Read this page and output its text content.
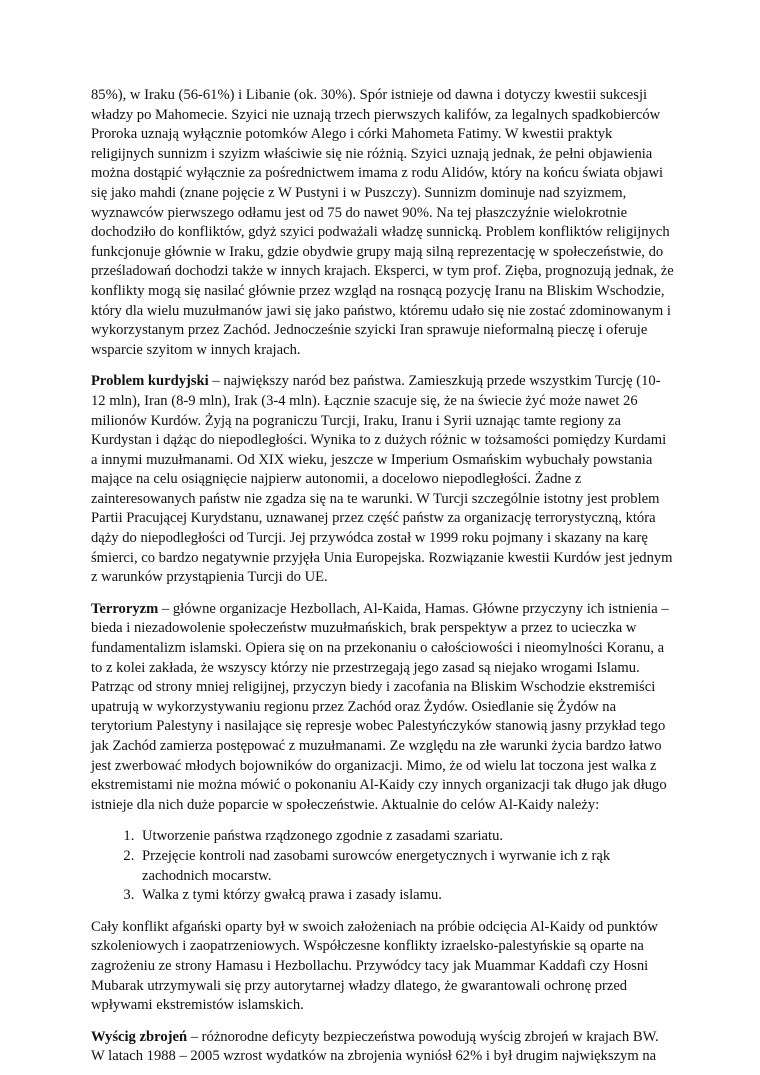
85%), w Iraku (56-61%) i Libanie (ok. 30%). Spór istnieje od dawna i dotyczy kwestii sukcesji władzy po Mahomecie. Szyici nie uznają trzech pierwszych kalifów, za legalnych spadkobierców Proroka uznają wyłącznie potomków Alego i córki Mahometa Fatimy. W kwestii praktyk religijnych sunnizm i szyizm właściwie się nie różnią. Szyici uznają jednak, że pełni objawienia można dostąpić wyłącznie za pośrednictwem imama z rodu Alidów, który na końcu świata objawi się jako mahdi (znane pojęcie z W Pustyni i w Puszczy). Sunnizm dominuje nad szyizmem, wyznawców pierwszego odłamu jest od 75 do nawet 90%. Na tej płaszczyźnie wielokrotnie dochodziło do konfliktów, gdyż szyici podważali władzę sunnicką. Problem konfliktów religijnych funkcjonuje głównie w Iraku, gdzie obydwie grupy mają silną reprezentację w społeczeństwie, do prześladowań dochodzi także w innych krajach. Eksperci, w tym prof. Zięba, prognozują jednak, że konflikty mogą się nasilać głównie przez wzgląd na rosnącą pozycję Iranu na Bliskim Wschodzie, który dla wielu muzułmanów jawi się jako państwo, któremu udało się nie zostać zdominowanym i wykorzystanym przez Zachód. Jednocześnie szyicki Iran sprawuje nieformalną pieczę i oferuje wsparcie szyitom w innych krajach.

Problem kurdyjski – największy naród bez państwa. Zamieszkują przede wszystkim Turcję (10-12 mln), Iran (8-9 mln), Irak (3-4 mln). Łącznie szacuje się, że na świecie żyć może nawet 26 milionów Kurdów. Żyją na pograniczu Turcji, Iraku, Iranu i Syrii uznając tamte regiony za Kurdystan i dążąc do niepodległości. Wynika to z dużych różnic w tożsamości pomiędzy Kurdami a innymi muzułmanami. Od XIX wieku, jeszcze w Imperium Osmańskim wybuchały powstania mające na celu osiągnięcie najpierw autonomii, a docelowo niepodległości. Żadne z zainteresowanych państw nie zgadza się na te warunki. W Turcji szczególnie istotny jest problem Partii Pracującej Kurydstanu, uznawanej przez część państw za organizację terrorystyczną, która dąży do niepodległości od Turcji. Jej przywódca został w 1999 roku pojmany i skazany na karę śmierci, co bardzo negatywnie przyjęła Unia Europejska. Rozwiązanie kwestii Kurdów jest jednym z warunków przystąpienia Turcji do UE.

Terroryzm – główne organizacje Hezbollach, Al-Kaida, Hamas. Główne przyczyny ich istnienia – bieda i niezadowolenie społeczeństw muzułmańskich, brak perspektyw a przez to ucieczka w fundamentalizm islamski. Opiera się on na przekonaniu o całościowości i nieomylności Koranu, a to z kolei zakłada, że wszyscy którzy nie przestrzegają jego zasad są niejako wrogami Islamu. Patrząc od strony mniej religijnej, przyczyn biedy i zacofania na Bliskim Wschodzie ekstremiści upatrują w wykorzystywaniu regionu przez Zachód oraz Żydów. Osiedlanie się Żydów na terytorium Palestyny i nasilające się represje wobec Palestyńczyków stanowią jasny przykład tego jak Zachód zamierza postępować z muzułmanami. Ze względu na złe warunki życia bardzo łatwo jest zwerbować młodych bojowników do organizacji. Mimo, że od wielu lat toczona jest walka z ekstremistami nie można mówić o pokonaniu Al-Kaidy czy innych organizacji tak długo jak długo istnieje dla nich duże poparcie w społeczeństwie. Aktualnie do celów Al-Kaidy należy:

1. Utworzenie państwa rządzonego zgodnie z zasadami szariatu.
2. Przejęcie kontroli nad zasobami surowców energetycznych i wyrwanie ich z rąk zachodnich mocarstw.
3. Walka z tymi którzy gwałcą prawa i zasady islamu.

Cały konflikt afgański oparty był w swoich założeniach na próbie odcięcia Al-Kaidy od punktów szkoleniowych i zaopatrzeniowych. Współczesne konflikty izraelsko-palestyńskie są oparte na zagrożeniu ze strony Hamasu i Hezbollachu. Przywódcy tacy jak Muammar Kaddafi czy Hosni Mubarak utrzymywali się przy autorytarnej władzy dlatego, że gwarantowali ochronę przed wpływami ekstremistów islamskich.

Wyścig zbrojeń – różnorodne deficyty bezpieczeństwa powodują wyścig zbrojeń w krajach BW. W latach 1988 – 2005 wzrost wydatków na zbrojenia wyniósł 62% i był drugim największym na
